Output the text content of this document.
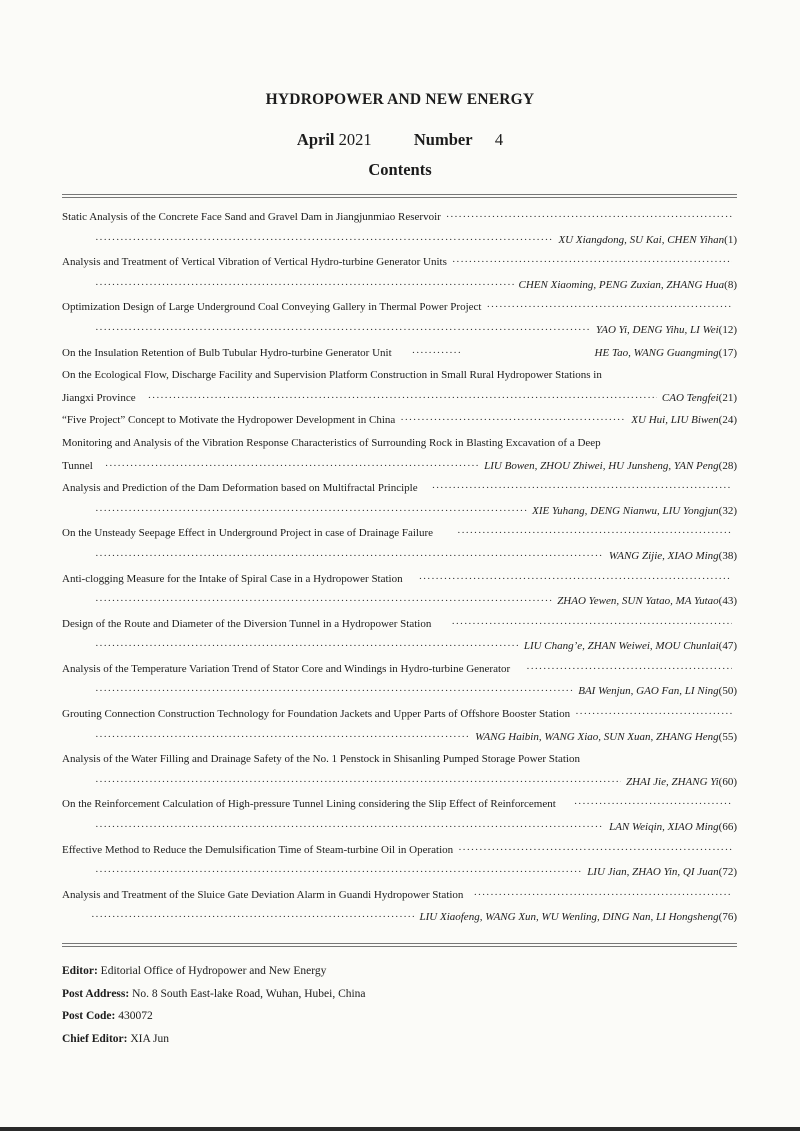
HYDROPOWER AND NEW ENERGY
April 2021	Number 4
Contents
Static Analysis of the Concrete Face Sand and Gravel Dam in Jiangjunmiao Reservoir
·····
·····
XU Xiangdong, SU Kai, CHEN Yihan (1)
Analysis and Treatment of Vertical Vibration of Vertical Hydro-turbine Generator Units
·····
·····
CHEN Xiaoming, PENG Zuxian, ZHANG Hua (8)
Optimization Design of Large Underground Coal Conveying Gallery in Thermal Power Project
·····
·····
YAO Yi, DENG Yihu, LI Wei (12)
On the Insulation Retention of Bulb Tubular Hydro-turbine Generator Unit ·····	HE Tao, WANG Guangming (17)
On the Ecological Flow, Discharge Facility and Supervision Platform Construction in Small Rural Hydropower Stations in
Jiangxi Province ·····	CAO Tengfei (21)
“Five Project” Concept to Motivate the Hydropower Development in China ·····	XU Hui, LIU Biwen (24)
Monitoring and Analysis of the Vibration Response Characteristics of Surrounding Rock in Blasting Excavation of a Deep
Tunnel ·····	LIU Bowen, ZHOU Zhiwei, HU Junsheng, YAN Peng (28)
Analysis and Prediction of the Dam Deformation based on Multifractal Principle
·····
·····
XIE Yuhang, DENG Nianwu, LIU Yongjun (32)
On the Unsteady Seepage Effect in Underground Project in case of Drainage Failure
·····
·····
WANG Zijie, XIAO Ming (38)
Anti-clogging Measure for the Intake of Spiral Case in a Hydropower Station
·····
·····
ZHAO Yewen, SUN Yatao, MA Yutao (43)
Design of the Route and Diameter of the Diversion Tunnel in a Hydropower Station
·····
·····
LIU Chang’e, ZHAN Weiwei, MOU Chunlai (47)
Analysis of the Temperature Variation Trend of Stator Core and Windings in Hydro-turbine Generator
·····
·····
BAI Wenjun, GAO Fan, LI Ning (50)
Grouting Connection Construction Technology for Foundation Jackets and Upper Parts of Offshore Booster Station
·····
·····
WANG Haibin, WANG Xiao, SUN Xuan, ZHANG Heng (55)
Analysis of the Water Filling and Drainage Safety of the No. 1 Penstock in Shisanling Pumped Storage Power Station
·····
ZHAI Jie, ZHANG Yi (60)
On the Reinforcement Calculation of High-pressure Tunnel Lining considering the Slip Effect of Reinforcement
·····
·····
LAN Weiqin, XIAO Ming (66)
Effective Method to Reduce the Demulsification Time of Steam-turbine Oil in Operation
·····
·····
LIU Jian, ZHAO Yin, QI Juan (72)
Analysis and Treatment of the Sluice Gate Deviation Alarm in Guandi Hydropower Station
·····
·····
LIU Xiaofeng, WANG Xun, WU Wenling, DING Nan, LI Hongsheng (76)
Editor: Editorial Office of Hydropower and New Energy
Post Address: No. 8 South East-lake Road, Wuhan, Hubei, China
Post Code: 430072
Chief Editor: XIA Jun
